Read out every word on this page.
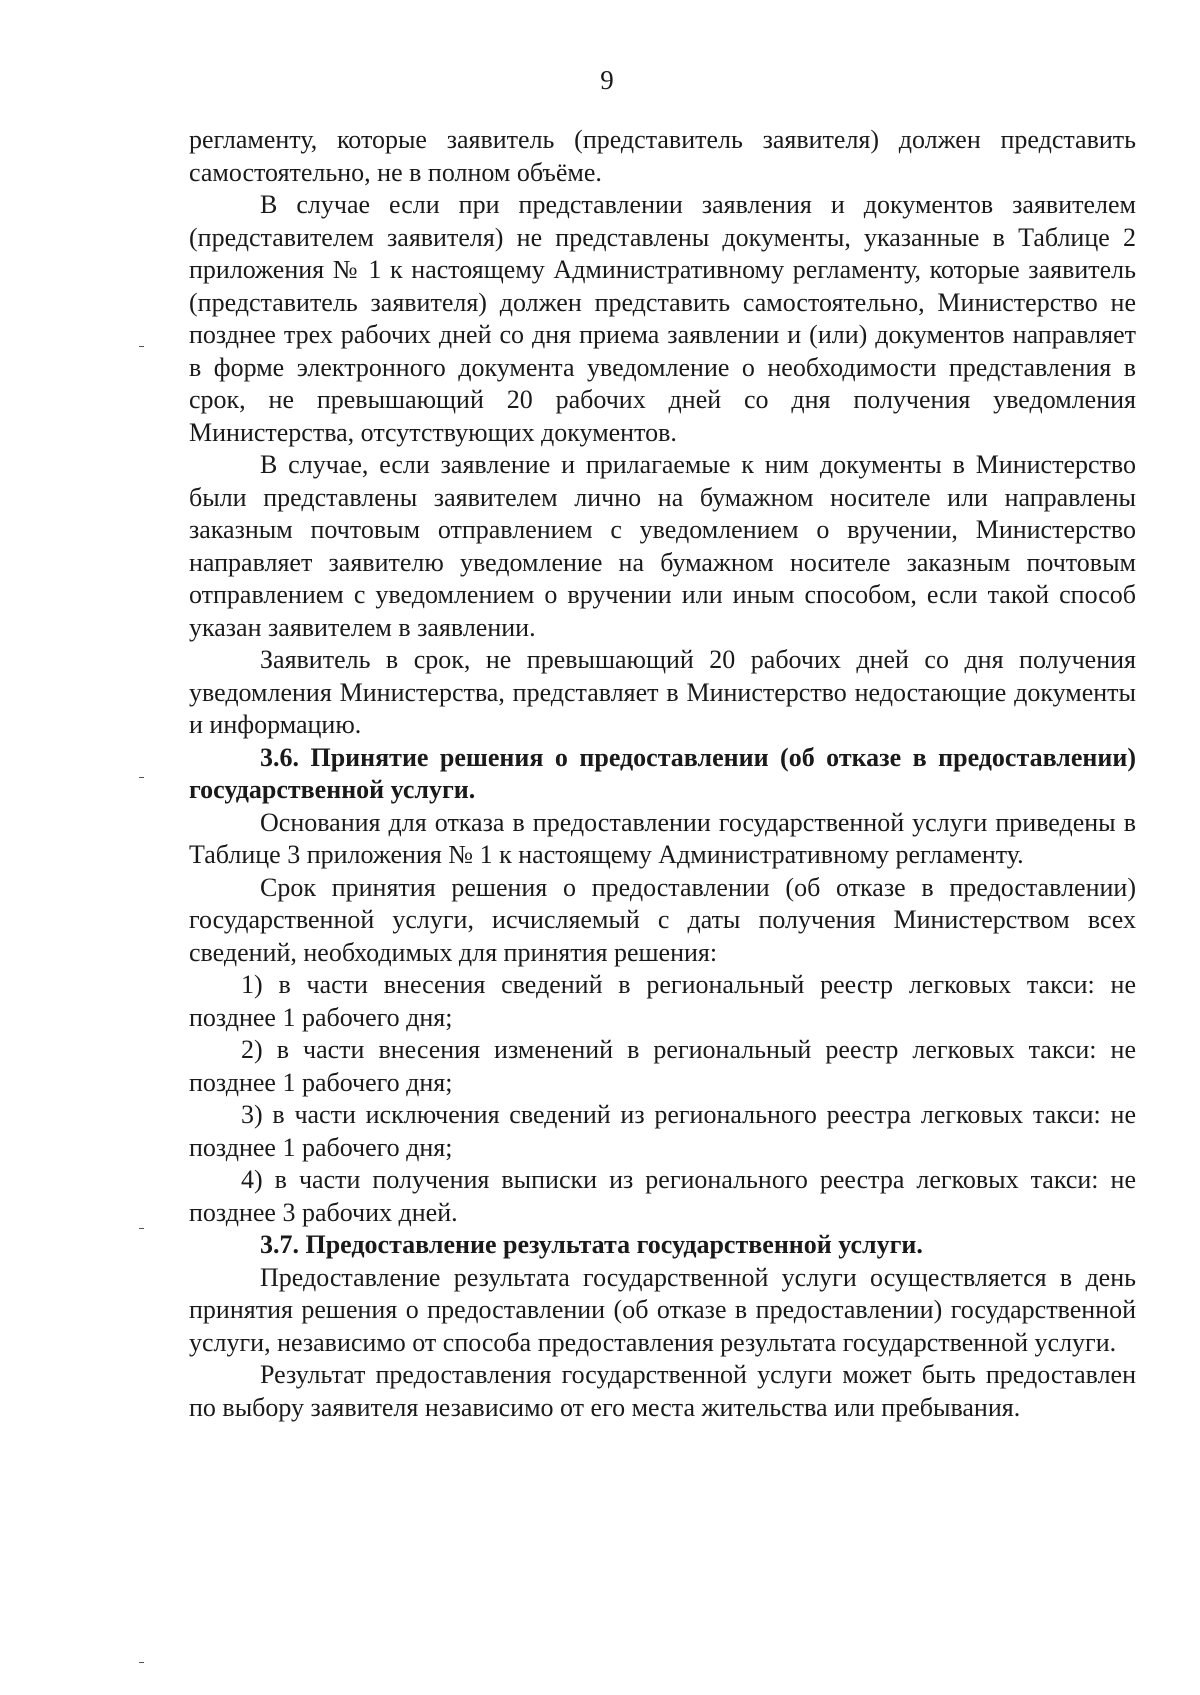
9

регламенту, которые заявитель (представитель заявителя) должен представить самостоятельно, не в полном объёме.

В случае если при представлении заявления и документов заявителем (представителем заявителя) не представлены документы, указанные в Таблице 2 приложения № 1 к настоящему Административному регламенту, которые заявитель (представитель заявителя) должен представить самостоятельно, Министерство не позднее трех рабочих дней со дня приема заявлении и (или) документов направляет в форме электронного документа уведомление о необходимости представления в срок, не превышающий 20 рабочих дней со дня получения уведомления Министерства, отсутствующих документов.

В случае, если заявление и прилагаемые к ним документы в Министерство были представлены заявителем лично на бумажном носителе или направлены заказным почтовым отправлением с уведомлением о вручении, Министерство направляет заявителю уведомление на бумажном носителе заказным почтовым отправлением с уведомлением о вручении или иным способом, если такой способ указан заявителем в заявлении.

Заявитель в срок, не превышающий 20 рабочих дней со дня получения уведомления Министерства, представляет в Министерство недостающие документы и информацию.

3.6. Принятие решения о предоставлении (об отказе в предоставлении) государственной услуги.

Основания для отказа в предоставлении государственной услуги приведены в Таблице 3 приложения № 1 к настоящему Административному регламенту.

Срок принятия решения о предоставлении (об отказе в предоставлении) государственной услуги, исчисляемый с даты получения Министерством всех сведений, необходимых для принятия решения:

1) в части внесения сведений в региональный реестр легковых такси: не позднее 1 рабочего дня;

2) в части внесения изменений в региональный реестр легковых такси: не позднее 1 рабочего дня;

3) в части исключения сведений из регионального реестра легковых такси: не позднее 1 рабочего дня;

4) в части получения выписки из регионального реестра легковых такси: не позднее 3 рабочих дней.

3.7. Предоставление результата государственной услуги.

Предоставление результата государственной услуги осуществляется в день принятия решения о предоставлении (об отказе в предоставлении) государственной услуги, независимо от способа предоставления результата государственной услуги.

Результат предоставления государственной услуги может быть предоставлен по выбору заявителя независимо от его места жительства или пребывания.
